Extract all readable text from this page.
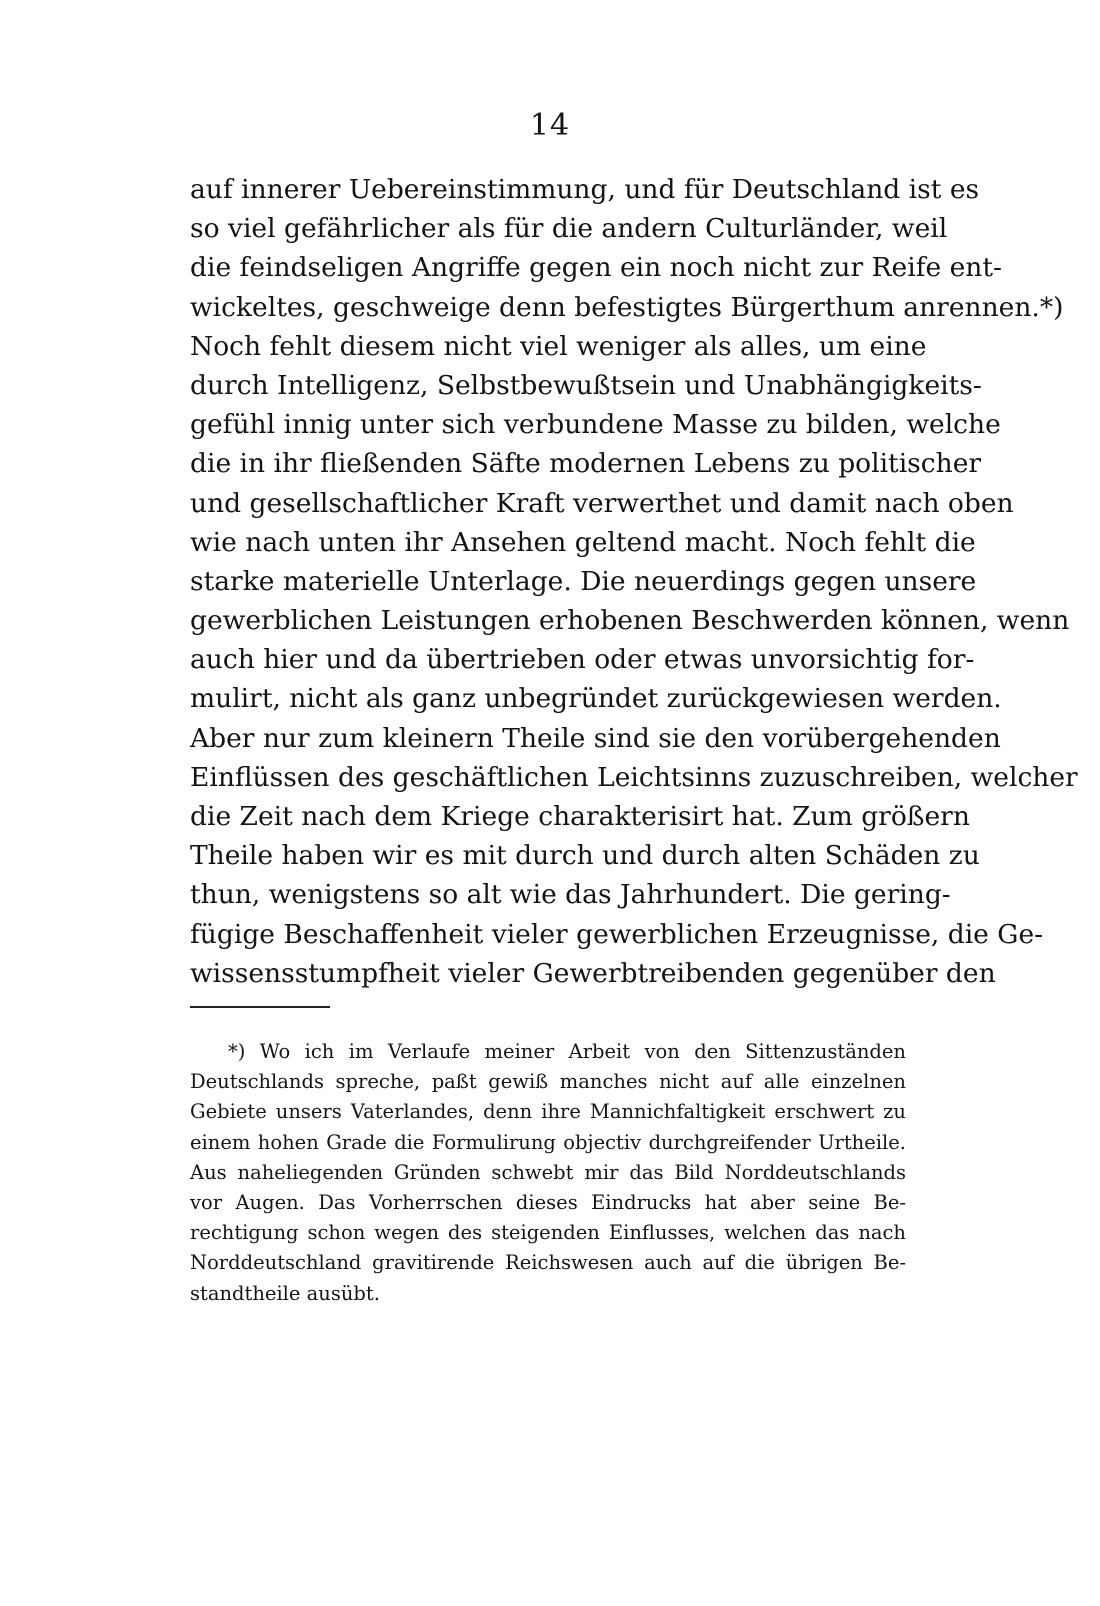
14
auf innerer Uebereinstimmung, und für Deutschland ist es
so viel gefährlicher als für die andern Culturländer, weil
die feindseligen Angriffe gegen ein noch nicht zur Reife ent-
wickeltes, geschweige denn befestigtes Bürgerthum anrennen.*)
Noch fehlt diesem nicht viel weniger als alles, um eine
durch Intelligenz, Selbstbewußtsein und Unabhängigkeits-
gefühl innig unter sich verbundene Masse zu bilden, welche
die in ihr fließenden Säfte modernen Lebens zu politischer
und gesellschaftlicher Kraft verwerthet und damit nach oben
wie nach unten ihr Ansehen geltend macht. Noch fehlt die
starke materielle Unterlage. Die neuerdings gegen unsere
gewerblichen Leistungen erhobenen Beschwerden können, wenn
auch hier und da übertrieben oder etwas unvorsichtig for-
mulirt, nicht als ganz unbegründet zurückgewiesen werden.
Aber nur zum kleinern Theile sind sie den vorübergehenden
Einflüssen des geschäftlichen Leichtsinns zuzuschreiben, welcher
die Zeit nach dem Kriege charakterisirt hat. Zum größern
Theile haben wir es mit durch und durch alten Schäden zu
thun, wenigstens so alt wie das Jahrhundert. Die gering-
fügige Beschaffenheit vieler gewerblichen Erzeugnisse, die Ge-
wissensstumpfheit vieler Gewerbtreibenden gegenüber den
*) Wo ich im Verlaufe meiner Arbeit von den Sittenzuständen
Deutschlands spreche, paßt gewiß manches nicht auf alle einzelnen
Gebiete unsers Vaterlandes, denn ihre Mannichfaltigkeit erschwert zu
einem hohen Grade die Formulirung objectiv durchgreifender Urtheile.
Aus naheliegenden Gründen schwebt mir das Bild Norddeutschlands
vor Augen. Das Vorherrschen dieses Eindrucks hat aber seine Be-
rechtigung schon wegen des steigenden Einflusses, welchen das nach
Norddeutschland gravitirende Reichswesen auch auf die übrigen Be-
standtheile ausübt.
